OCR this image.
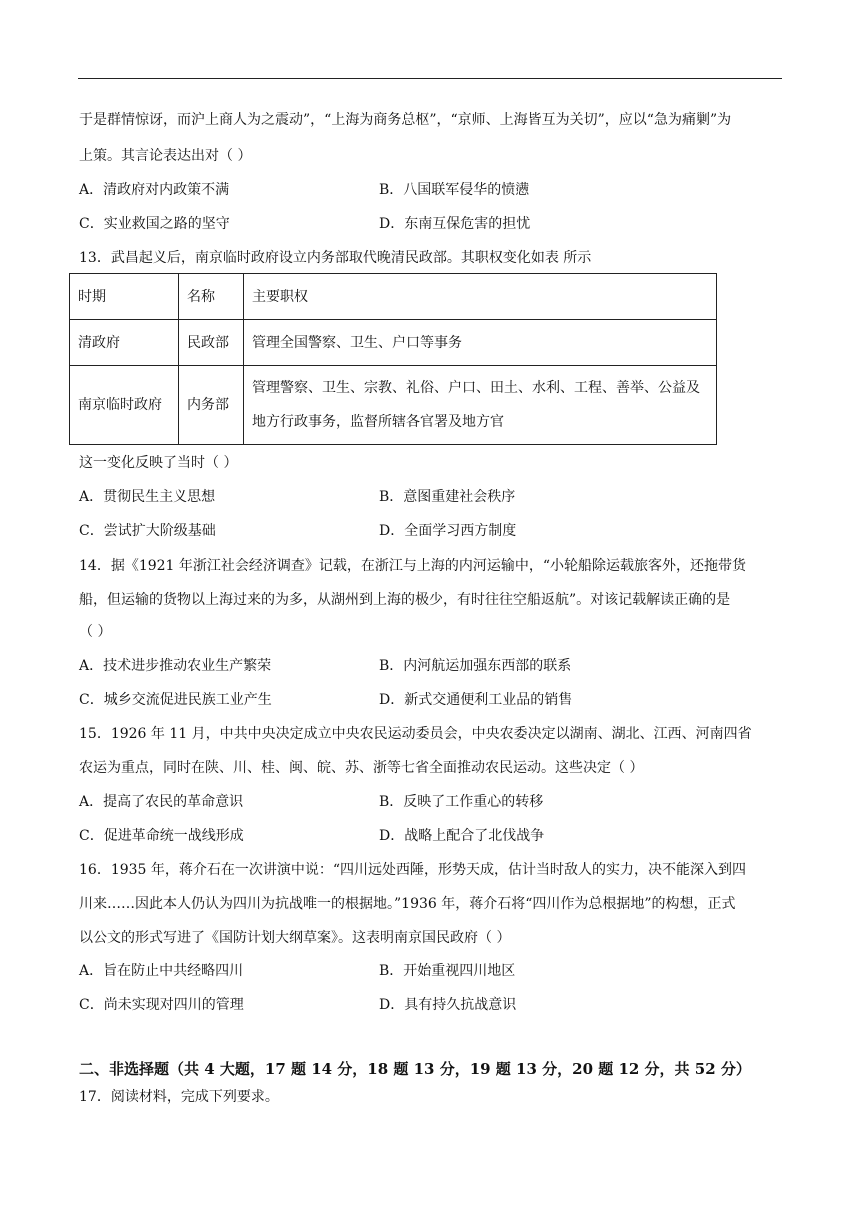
于是群情惊讶，而沪上商人为之震动”，“上海为商务总枢”，“京师、上海皆互为关切”，应以“急为痛剿”为
上策。其言论表达出对（ ）
A．清政府对内政策不满	B．八国联军侵华的愤懑
C．实业救国之路的坚守	D．东南互保危害的担忧
13．武昌起义后，南京临时政府设立内务部取代晚清民政部。其职权变化如表 所示
时期	名称	主要职权
清政府	民政部	管理全国警察、卫生、户口等事务
南京临时政府	内务部	管理警察、卫生、宗教、礼俗、户口、田土、水利、工程、善举、公益及地方行政事务，监督所辖各官署及地方官
这一变化反映了当时（ ）
A．贯彻民生主义思想	B．意图重建社会秩序
C．尝试扩大阶级基础	D．全面学习西方制度
14．据《1921 年浙江社会经济调查》记载，在浙江与上海的内河运输中，“小轮船除运载旅客外，还拖带货
船，但运输的货物以上海过来的为多，从湖州到上海的极少，有时往往空船返航”。对该记载解读正确的是
（ ）
A．技术进步推动农业生产繁荣	B．内河航运加强东西部的联系
C．城乡交流促进民族工业产生	D．新式交通便利工业品的销售
15．1926 年 11 月，中共中央决定成立中央农民运动委员会，中央农委决定以湖南、湖北、江西、河南四省
农运为重点，同时在陕、川、桂、闽、皖、苏、浙等七省全面推动农民运动。这些决定（ ）
A．提高了农民的革命意识	B．反映了工作重心的转移
C．促进革命统一战线形成	D．战略上配合了北伐战争
16．1935 年，蒋介石在一次讲演中说：“四川远处西陲，形势天成，估计当时敌人的实力，决不能深入到四
川来……因此本人仍认为四川为抗战唯一的根据地。”1936 年，蒋介石将“四川作为总根据地”的构想，正式
以公文的形式写进了《国防计划大纲草案》。这表明南京国民政府（ ）
A．旨在防止中共经略四川	B．开始重视四川地区
C．尚未实现对四川的管理	D．具有持久抗战意识
二、非选择题（共 4 大题，17 题 14 分，18 题 13 分，19 题 13 分，20 题 12 分，共 52 分）
17．阅读材料，完成下列要求。
